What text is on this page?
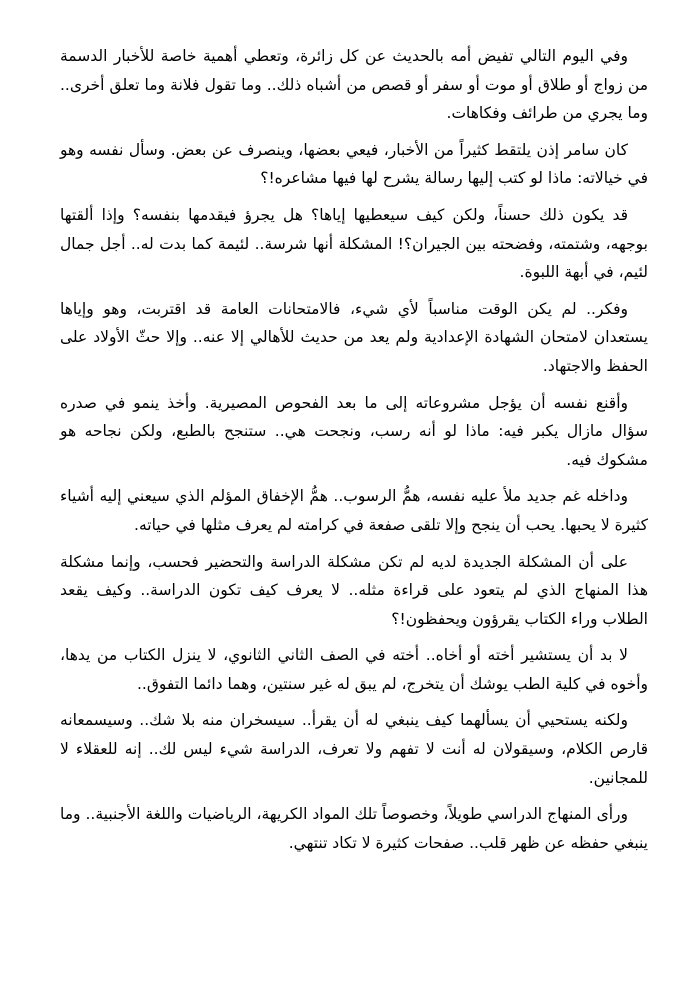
وفي اليوم التالي تفيض أمه بالحديث عن كل زائرة، وتعطي أهمية خاصة للأخبار الدسمة من زواج أو طلاق أو موت أو سفر أو قصص من أشباه ذلك.. وما تقول فلانة وما تعلق أخرى.. وما يجري من طرائف وفكاهات.

كان سامر إذن يلتقط كثيراً من الأخبار، فيعي بعضها، وينصرف عن بعض. وسأل نفسه وهو في خيالاته: ماذا لو كتب إليها رسالة يشرح لها فيها مشاعره!؟

قد يكون ذلك حسناً، ولكن كيف سيعطيها إياها؟ هل يجرؤ فيقدمها بنفسه؟ وإذا ألقتها بوجهه، وشتمته، وفضحته بين الجيران؟! المشكلة أنها شرسة.. لئيمة كما بدت له.. أجل جمال لئيم، في أبهة اللبوة.

وفكر.. لم يكن الوقت مناسباً لأي شيء، فالامتحانات العامة قد اقتربت، وهو وإياها يستعدان لامتحان الشهادة الإعدادية ولم يعد من حديث للأهالي إلا عنه.. وإلا حثّ الأولاد على الحفظ والاجتهاد.

وأقنع نفسه أن يؤجل مشروعاته إلى ما بعد الفحوص المصيرية. وأخذ ينمو في صدره سؤال مازال يكبر فيه: ماذا لو أنه رسب، ونجحت هي.. ستنجح بالطبع، ولكن نجاحه هو مشكوك فيه.

وداخله غم جديد ملأ عليه نفسه، همُّ الرسوب.. همُّ الإخفاق المؤلم الذي سيعني إليه أشياء كثيرة لا يحبها. يحب أن ينجح وإلا تلقى صفعة في كرامته لم يعرف مثلها في حياته.

على أن المشكلة الجديدة لديه لم تكن مشكلة الدراسة والتحضير فحسب، وإنما مشكلة هذا المنهاج الذي لم يتعود على قراءة مثله.. لا يعرف كيف تكون الدراسة.. وكيف يقعد الطلاب وراء الكتاب يقرؤون ويحفظون!؟

لا بد أن يستشير أخته أو أخاه.. أخته في الصف الثاني الثانوي، لا ينزل الكتاب من يدها، وأخوه في كلية الطب يوشك أن يتخرج، لم يبق له غير سنتين، وهما دائما التفوق..

ولكنه يستحيي أن يسألهما كيف ينبغي له أن يقرأ.. سيسخران منه بلا شك.. وسيسمعانه قارص الكلام، وسيقولان له أنت لا تفهم ولا تعرف، الدراسة شيء ليس لك.. إنه للعقلاء لا للمجانين.

ورأى المنهاج الدراسي طويلاً، وخصوصاً تلك المواد الكريهة، الرياضيات واللغة الأجنبية.. وما ينبغي حفظه عن ظهر قلب.. صفحات كثيرة لا تكاد تنتهي.
